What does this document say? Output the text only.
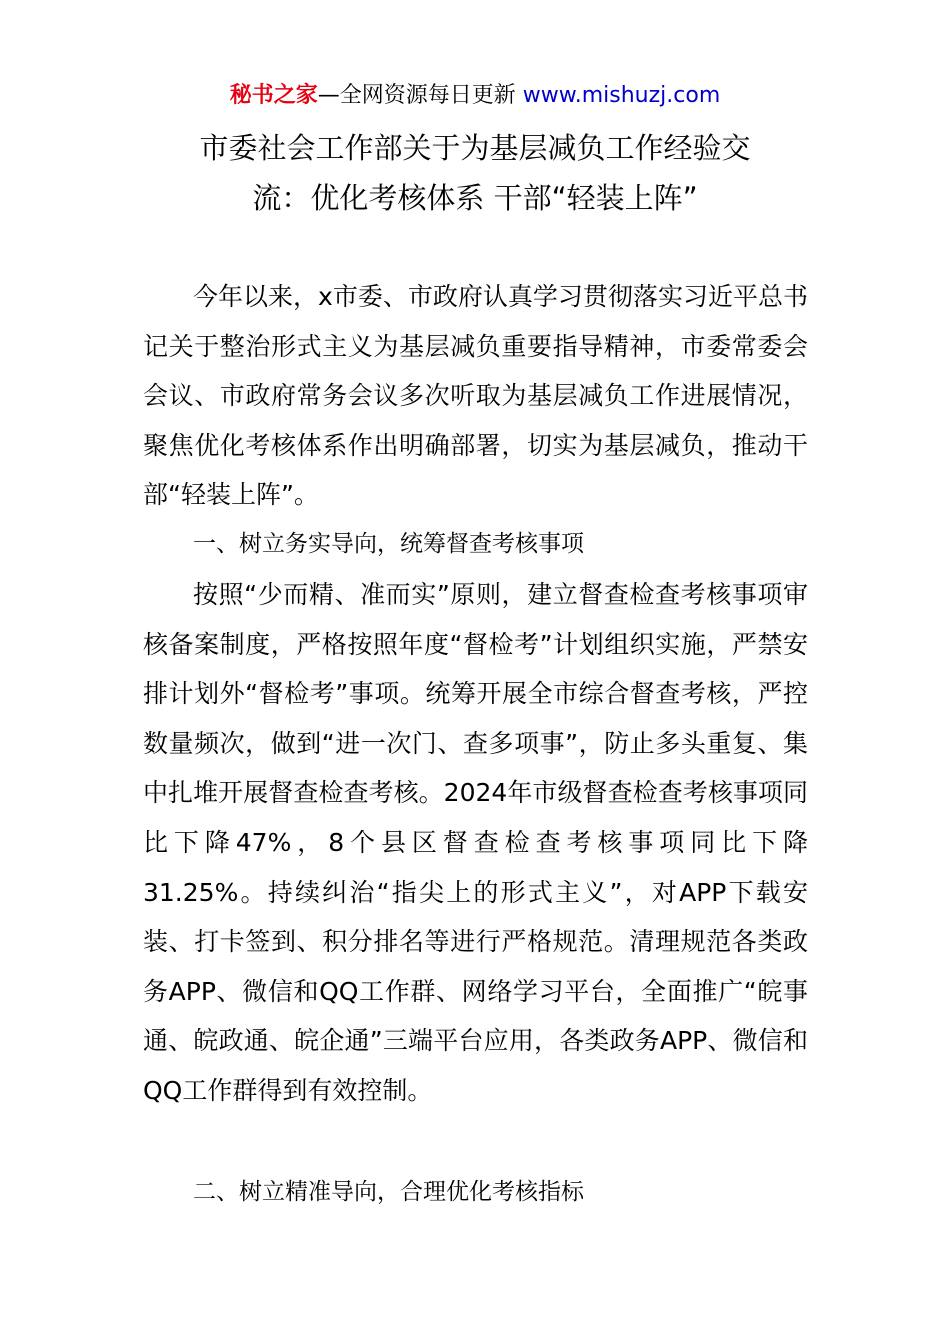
秘书之家—全网资源每日更新 www.mishuzj.com
市委社会工作部关于为基层减负工作经验交
流：优化考核体系 干部“轻装上阵”

今年以来，x市委、市政府认真学习贯彻落实习近平总书记关于整治形式主义为基层减负重要指导精神，市委常委会会议、市政府常务会议多次听取为基层减负工作进展情况，聚焦优化考核体系作出明确部署，切实为基层减负，推动干部“轻装上阵”。

一、树立务实导向，统筹督查考核事项

按照“少而精、准而实”原则，建立督查检查考核事项审核备案制度，严格按照年度“督检考”计划组织实施，严禁安排计划外“督检考”事项。统筹开展全市综合督查考核，严控数量频次，做到“进一次门、查多项事”，防止多头重复、集中扎堆开展督查检查考核。2024年市级督查检查考核事项同比下降47%，8个县区督查检查考核事项同比下降31.25%。持续纠治“指尖上的形式主义”，对APP下载安装、打卡签到、积分排名等进行严格规范。清理规范各类政务APP、微信和QQ工作群、网络学习平台，全面推广“皖事通、皖政通、皖企通”三端平台应用，各类政务APP、微信和QQ工作群得到有效控制。

二、树立精准导向，合理优化考核指标
